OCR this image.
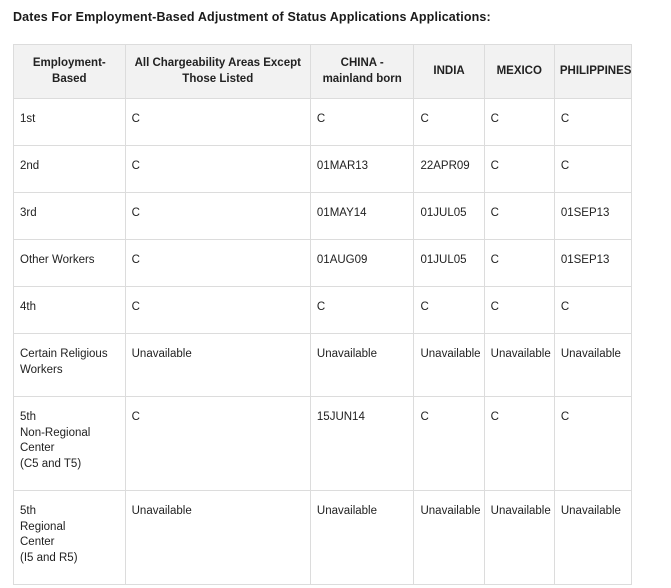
Dates For Employment-Based Adjustment of Status Applications Applications:
Employment-Based	All Chargeability Areas Except Those Listed	CHINA - mainland born	INDIA	MEXICO	PHILIPPINES

1st	C	C	C	C	C

2nd	C	01MAR13	22APR09	C	C

3rd	C	01MAY14	01JUL05	C	01SEP13

Other Workers	C	01AUG09	01JUL05	C	01SEP13

4th	C	C	C	C	C

Certain Religious Workers	Unavailable	Unavailable	Unavailable	Unavailable	Unavailable

5th
Non-Regional
Center
(C5 and T5)	C	15JUN14	C	C	C

5th
Regional
Center
(I5 and R5)	Unavailable	Unavailable	Unavailable	Unavailable	Unavailable
